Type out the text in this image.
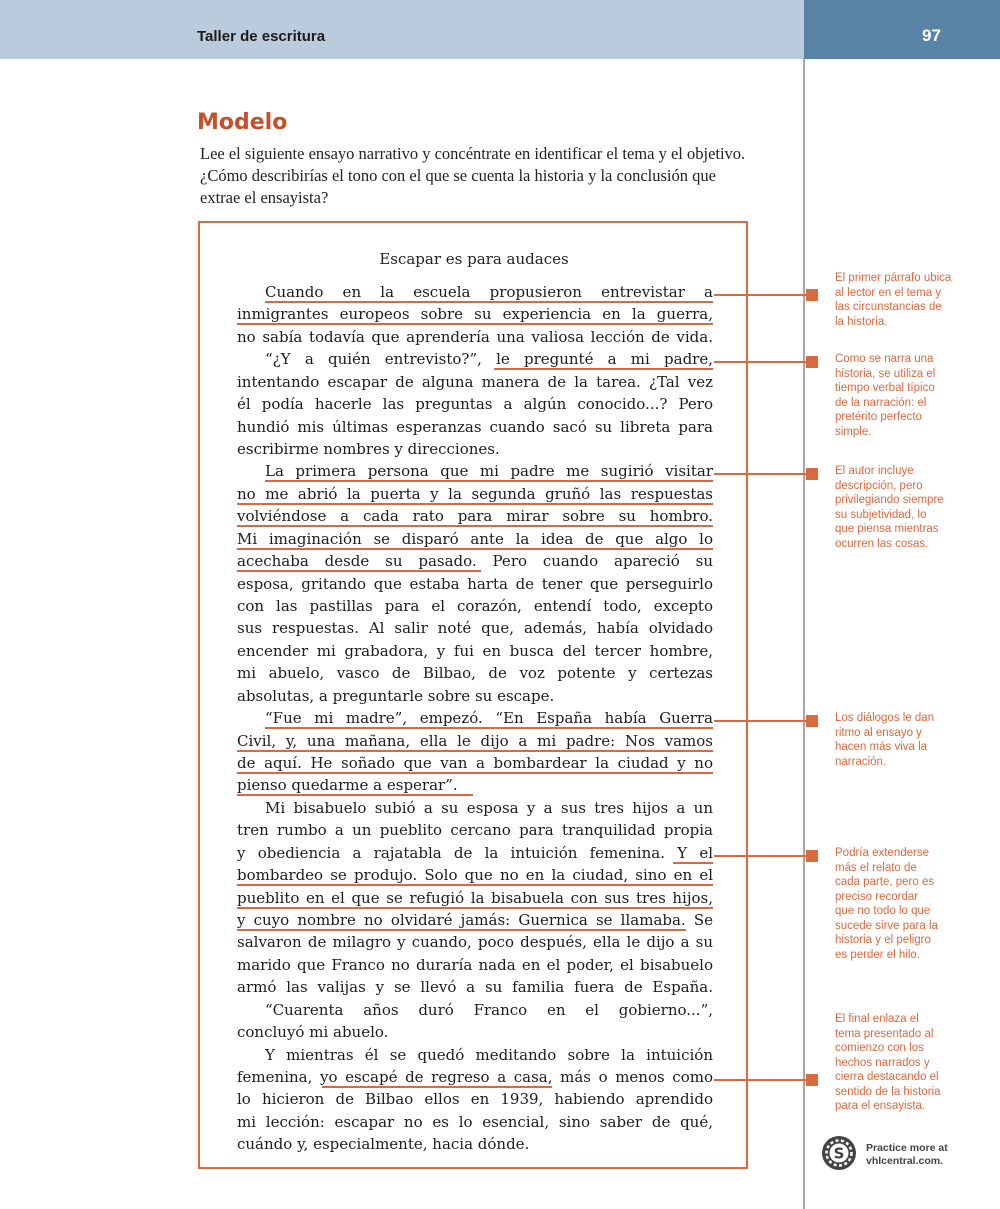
Taller de escritura	97
Modelo
Lee el siguiente ensayo narrativo y concéntrate en identificar el tema y el objetivo.
¿Cómo describirías el tono con el que se cuenta la historia y la conclusión que
extrae el ensayista?
Escapar es para audaces
Cuando en la escuela propusieron entrevistar a
inmigrantes europeos sobre su experiencia en la guerra,
no sabía todavía que aprendería una valiosa lección de vida.
“¿Y a quién entrevisto?”, le pregunté a mi padre,
intentando escapar de alguna manera de la tarea. ¿Tal vez
él podía hacerle las preguntas a algún conocido...? Pero
hundió mis últimas esperanzas cuando sacó su libreta para
escribirme nombres y direcciones.
La primera persona que mi padre me sugirió visitar
no me abrió la puerta y la segunda gruñó las respuestas
volviéndose a cada rato para mirar sobre su hombro.
Mi imaginación se disparó ante la idea de que algo lo
acechaba desde su pasado. Pero cuando apareció su
esposa, gritando que estaba harta de tener que perseguirlo
con las pastillas para el corazón, entendí todo, excepto
sus respuestas. Al salir noté que, además, había olvidado
encender mi grabadora, y fui en busca del tercer hombre,
mi abuelo, vasco de Bilbao, de voz potente y certezas
absolutas, a preguntarle sobre su escape.
“Fue mi madre”, empezó. “En España había Guerra
Civil, y, una mañana, ella le dijo a mi padre: Nos vamos
de aquí. He soñado que van a bombardear la ciudad y no
pienso quedarme a esperar”.
Mi bisabuelo subió a su esposa y a sus tres hijos a un
tren rumbo a un pueblito cercano para tranquilidad propia
y obediencia a rajatabla de la intuición femenina. Y el
bombardeo se produjo. Solo que no en la ciudad, sino en el
pueblito en el que se refugió la bisabuela con sus tres hijos,
y cuyo nombre no olvidaré jamás: Guernica se llamaba. Se
salvaron de milagro y cuando, poco después, ella le dijo a su
marido que Franco no duraría nada en el poder, el bisabuelo
armó las valijas y se llevó a su familia fuera de España.
“Cuarenta años duró Franco en el gobierno...”,
concluyó mi abuelo.
Y mientras él se quedó meditando sobre la intuición
femenina, yo escapé de regreso a casa, más o menos como
lo hicieron de Bilbao ellos en 1939, habiendo aprendido
mi lección: escapar no es lo esencial, sino saber de qué,
cuándo y, especialmente, hacia dónde.
El primer párrafo ubica
al lector en el tema y
las circunstancias de
la historia.
Como se narra una
historia, se utiliza el
tiempo verbal típico
de la narración: el
pretérito perfecto
simple.
El autor incluye
descripción, pero
privilegiando siempre
su subjetividad, lo
que piensa mientras
ocurren las cosas.
Los diálogos le dan
ritmo al ensayo y
hacen más viva la
narración.
Podría extenderse
más el relato de
cada parte, pero es
preciso recordar
que no todo lo que
sucede sirve para la
historia y el peligro
es perder el hilo.
El final enlaza el
tema presentado al
comienzo con los
hechos narrados y
cierra destacando el
sentido de la historia
para el ensayista.
S Practice more at
vhlcentral.com.
